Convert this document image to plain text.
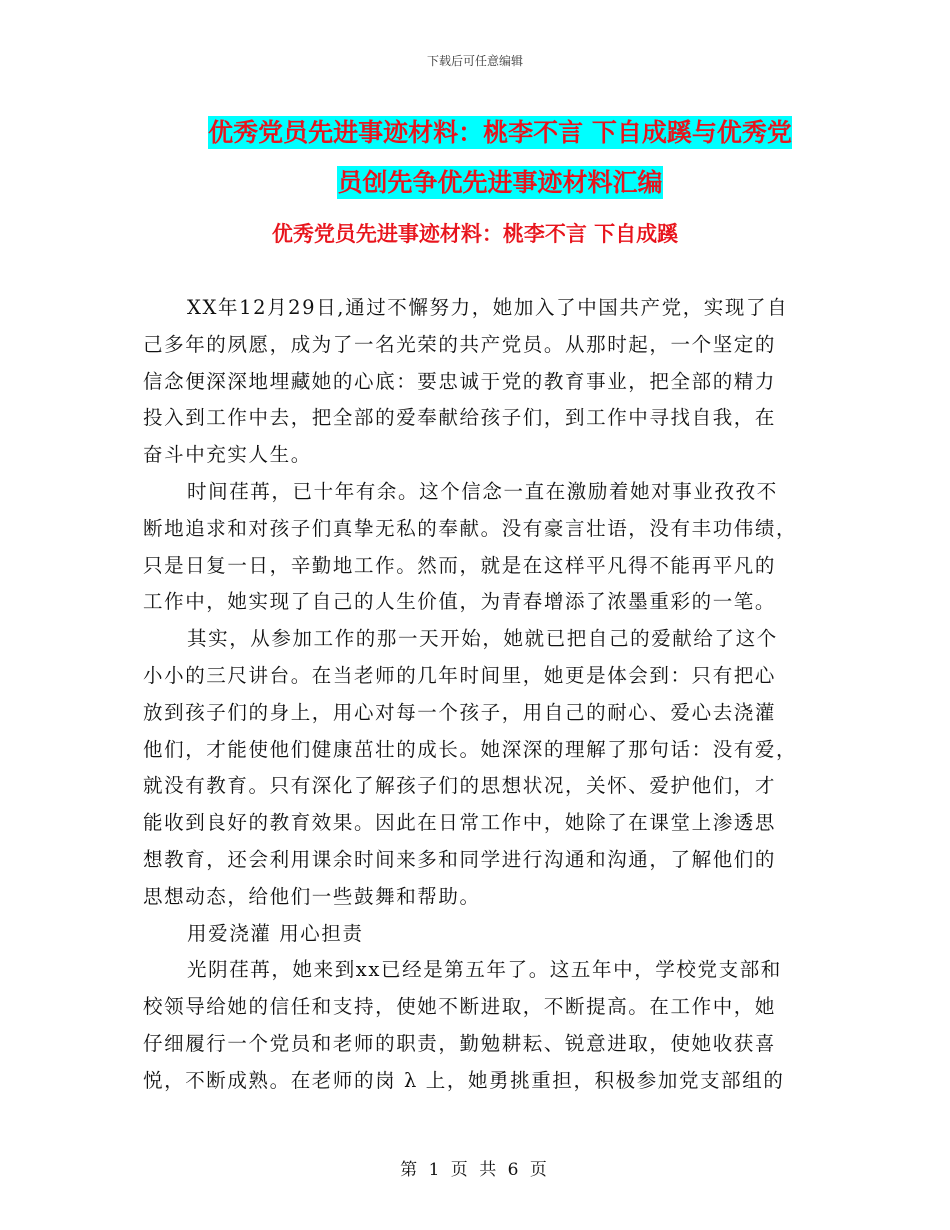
下载后可任意编辑
优秀党员先进事迹材料：桃李不言 下自成蹊与优秀党
员创先争优先进事迹材料汇编
优秀党员先进事迹材料：桃李不言 下自成蹊
XX年12月29日,通过不懈努力，她加入了中国共产党，实现了自
己多年的夙愿，成为了一名光荣的共产党员。从那时起，一个坚定的
信念便深深地埋藏她的心底：要忠诚于党的教育事业，把全部的精力
投入到工作中去，把全部的爱奉献给孩子们，到工作中寻找自我，在
奋斗中充实人生。
时间荏苒，已十年有余。这个信念一直在激励着她对事业孜孜不
断地追求和对孩子们真挚无私的奉献。没有豪言壮语，没有丰功伟绩，
只是日复一日，辛勤地工作。然而，就是在这样平凡得不能再平凡的
工作中，她实现了自己的人生价值，为青春增添了浓墨重彩的一笔。
其实，从参加工作的那一天开始，她就已把自己的爱献给了这个
小小的三尺讲台。在当老师的几年时间里，她更是体会到：只有把心
放到孩子们的身上，用心对每一个孩子，用自己的耐心、爱心去浇灌
他们，才能使他们健康茁壮的成长。她深深的理解了那句话：没有爱，
就没有教育。只有深化了解孩子们的思想状况，关怀、爱护他们，才
能收到良好的教育效果。因此在日常工作中，她除了在课堂上渗透思
想教育，还会利用课余时间来多和同学进行沟通和沟通，了解他们的
思想动态，给他们一些鼓舞和帮助。
用爱浇灌 用心担责
光阴荏苒，她来到xx已经是第五年了。这五年中，学校党支部和
校领导给她的信任和支持，使她不断进取，不断提高。在工作中，她
仔细履行一个党员和老师的职责，勤勉耕耘、锐意进取，使她收获喜
悦，不断成熟。在老师的岗 λ 上，她勇挑重担，积极参加党支部组的
第 1 页 共 6 页
